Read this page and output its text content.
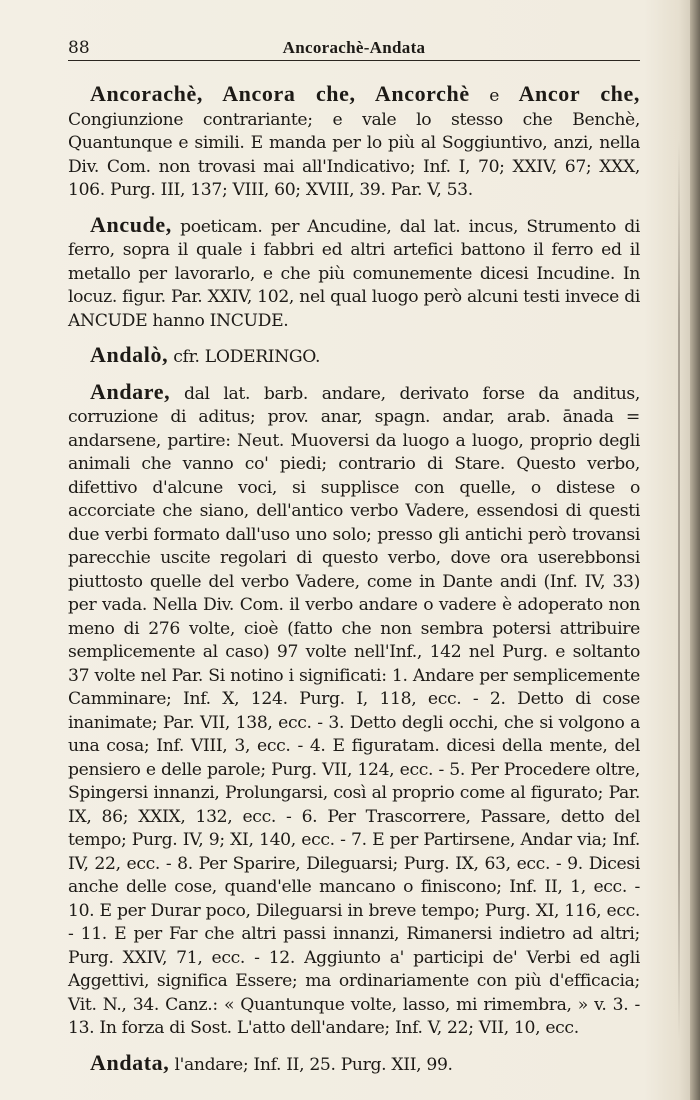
88	Ancorachè-Andata

Ancorachè, Ancora che, Ancorchè e Ancor che, Congiunzione contrariante; e vale lo stesso che Benchè, Quantunque e simili. E manda per lo più al Soggiuntivo, anzi, nella Div. Com. non trovasi mai all'Indicativo; Inf. I, 70; XXIV, 67; XXX, 106. Purg. III, 137; VIII, 60; XVIII, 39. Par. V, 53.

Ancude, poeticam. per Ancudine, dal lat. incus, Strumento di ferro, sopra il quale i fabbri ed altri artefici battono il ferro ed il metallo per lavorarlo, e che più comunemente dicesi Incudine. In locuz. figur. Par. XXIV, 102, nel qual luogo però alcuni testi invece di ANCUDE hanno INCUDE.

Andalò, cfr. LODERINGO.

Andare, dal lat. barb. andare, derivato forse da anditus, corruzione di aditus; prov. anar, spagn. andar, arab. ānada = andarsene, partire: Neut. Muoversi da luogo a luogo, proprio degli animali che vanno co' piedi; contrario di Stare. Questo verbo, difettivo d'alcune voci, si supplisce con quelle, o distese o accorciate che siano, dell'antico verbo Vadere, essendosi di questi due verbi formato dall'uso uno solo; presso gli antichi però trovansi parecchie uscite regolari di questo verbo, dove ora userebbonsi piuttosto quelle del verbo Vadere, come in Dante andi (Inf. IV, 33) per vada. Nella Div. Com. il verbo andare o vadere è adoperato non meno di 276 volte, cioè (fatto che non sembra potersi attribuire semplicemente al caso) 97 volte nell'Inf., 142 nel Purg. e soltanto 37 volte nel Par. Si notino i significati: 1. Andare per semplicemente Camminare; Inf. X, 124. Purg. I, 118, ecc. - 2. Detto di cose inanimate; Par. VII, 138, ecc. - 3. Detto degli occhi, che si volgono a una cosa; Inf. VIII, 3, ecc. - 4. E figuratam. dicesi della mente, del pensiero e delle parole; Purg. VII, 124, ecc. - 5. Per Procedere oltre, Spingersi innanzi, Prolungarsi, così al proprio come al figurato; Par. IX, 86; XXIX, 132, ecc. - 6. Per Trascorrere, Passare, detto del tempo; Purg. IV, 9; XI, 140, ecc. - 7. E per Partirsene, Andar via; Inf. IV, 22, ecc. - 8. Per Sparire, Dileguarsi; Purg. IX, 63, ecc. - 9. Dicesi anche delle cose, quand'elle mancano o finiscono; Inf. II, 1, ecc. - 10. E per Durar poco, Dileguarsi in breve tempo; Purg. XI, 116, ecc. - 11. E per Far che altri passi innanzi, Rimanersi indietro ad altri; Purg. XXIV, 71, ecc. - 12. Aggiunto a' participi de' Verbi ed agli Aggettivi, significa Essere; ma ordinariamente con più d'efficacia; Vit. N., 34. Canz.: « Quantunque volte, lasso, mi rimembra, » v. 3. - 13. In forza di Sost. L'atto dell'andare; Inf. V, 22; VII, 10, ecc.

Andata, l'andare; Inf. II, 25. Purg. XII, 99.
